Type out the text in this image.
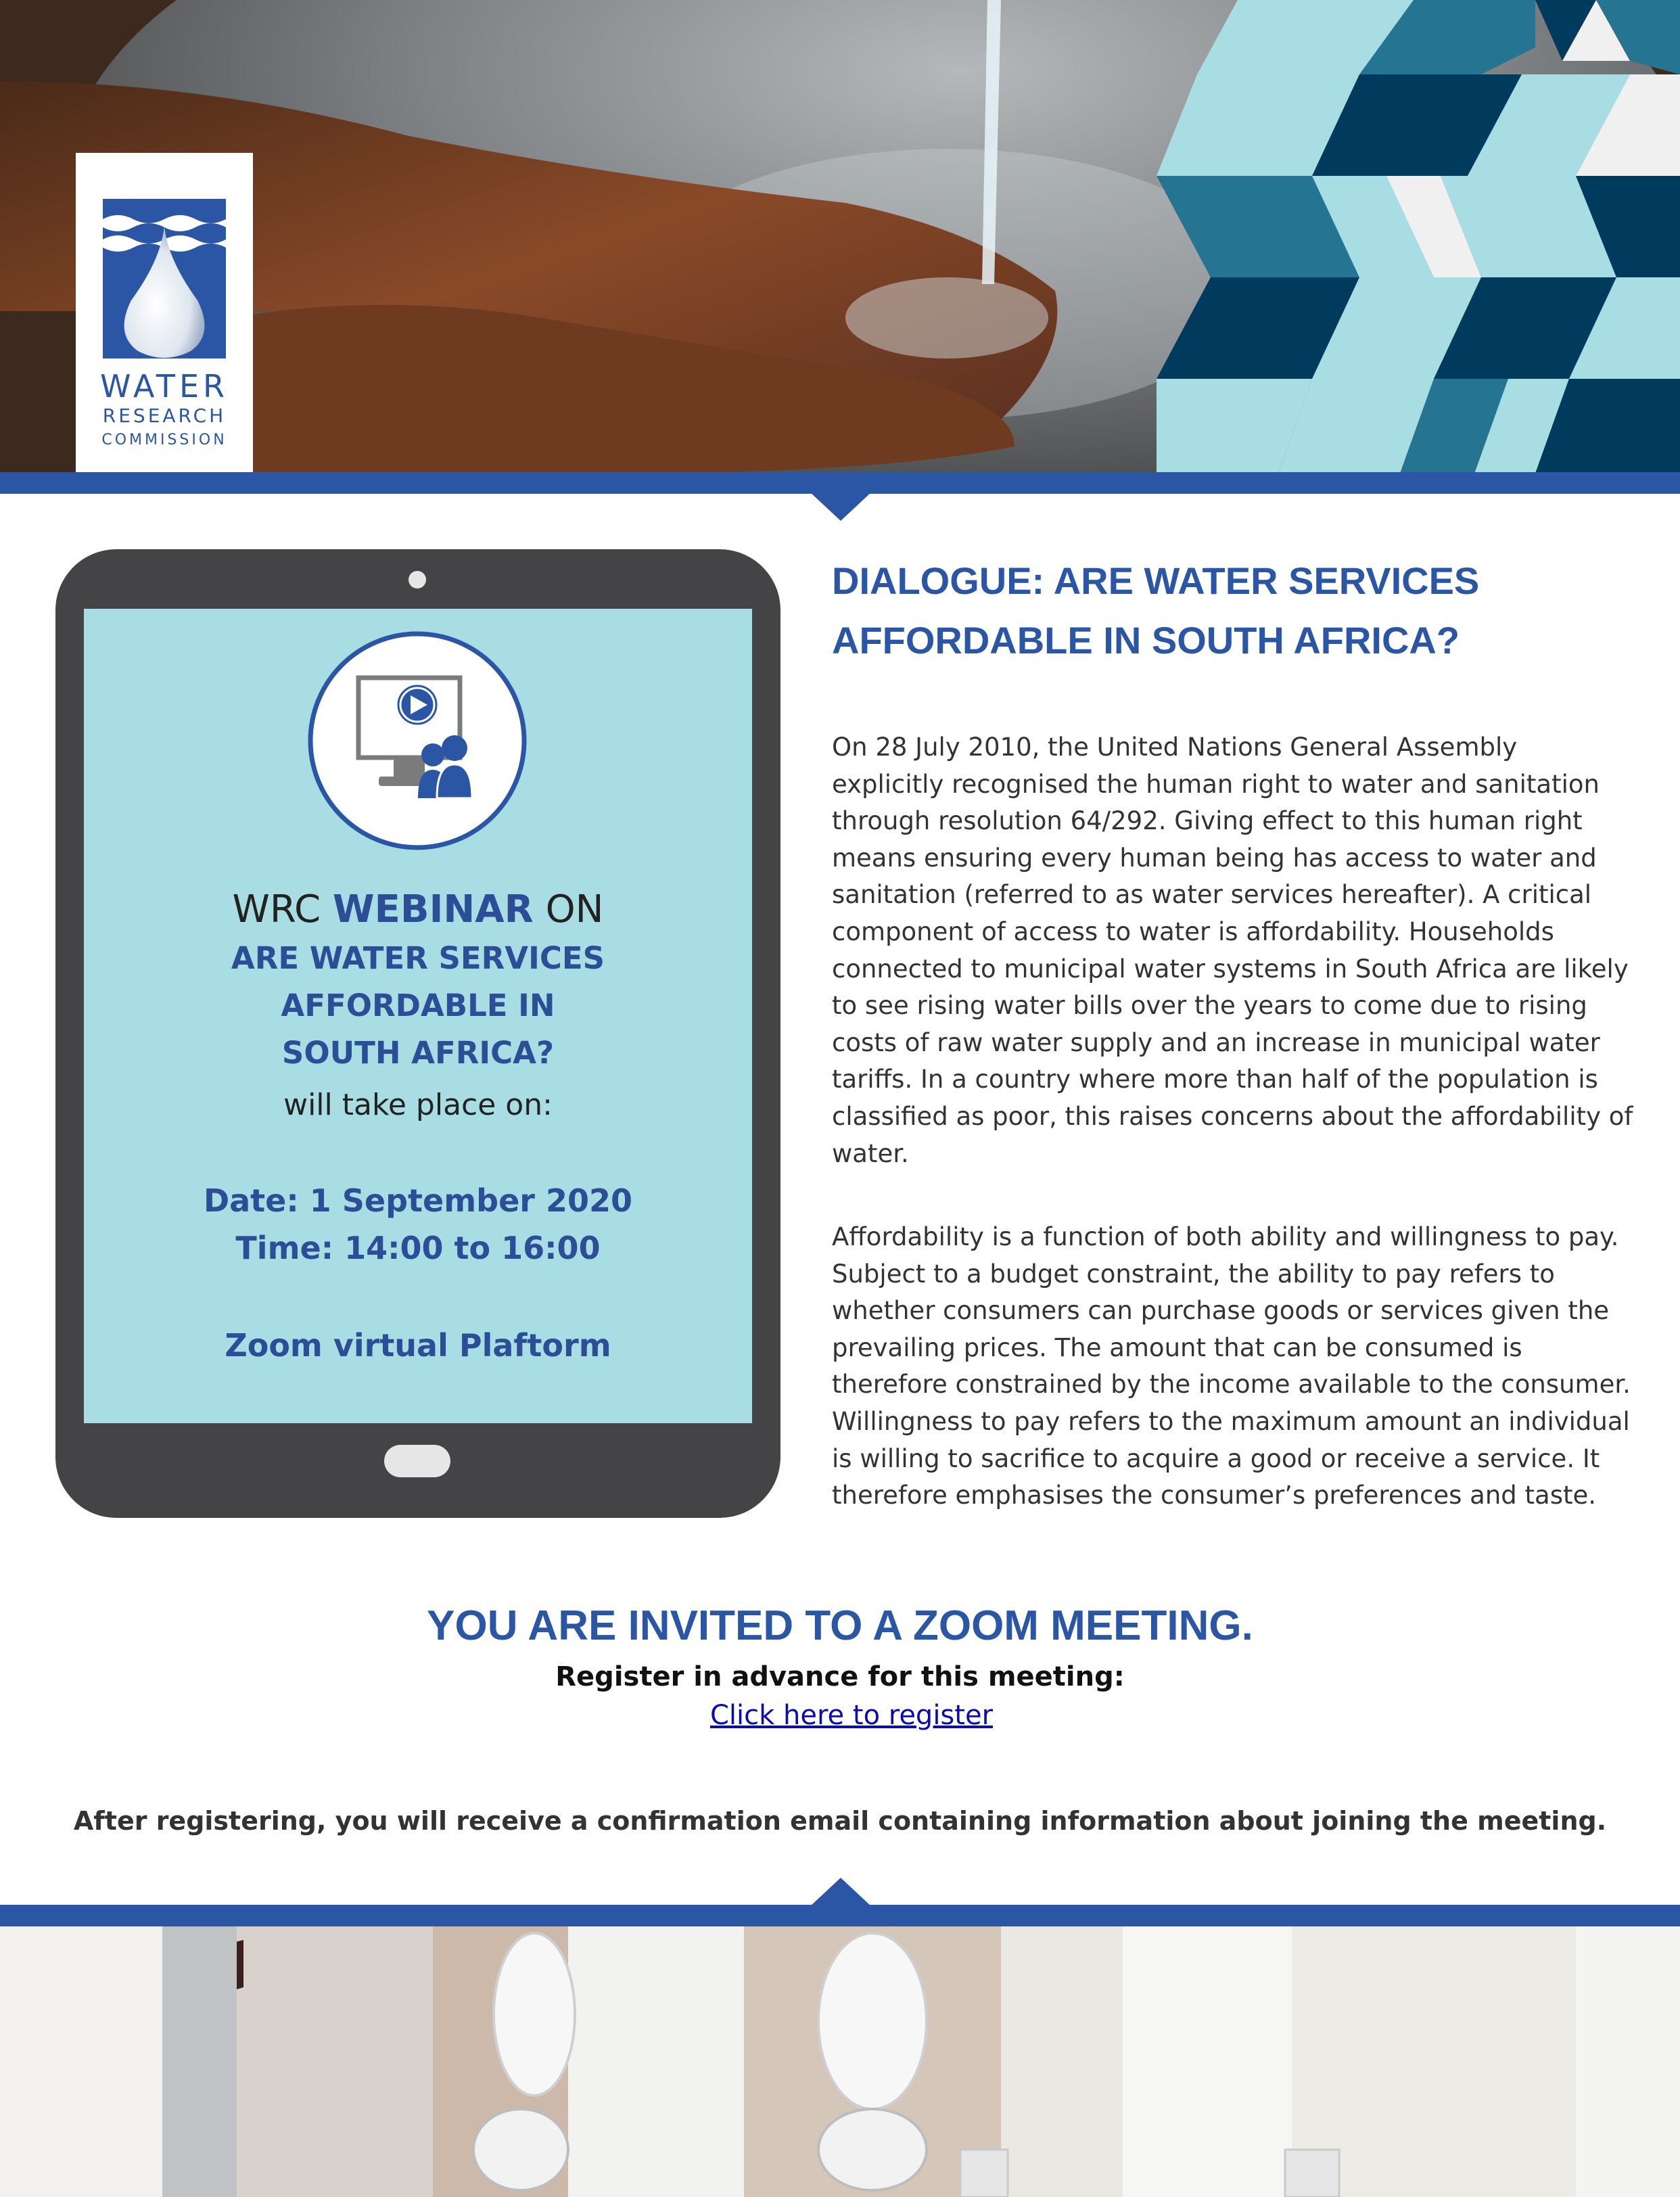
WATER
RESEARCH
COMMISSION
WRC WEBINAR ON
ARE WATER SERVICES
AFFORDABLE IN
SOUTH AFRICA?
will take place on:
Date: 1 September 2020
Time: 14:00 to 16:00
Zoom virtual Plaftorm
DIALOGUE: ARE WATER SERVICES
AFFORDABLE IN SOUTH AFRICA?
On 28 July 2010, the United Nations General Assembly
explicitly recognised the human right to water and sanitation
through resolution 64/292. Giving effect to this human right
means ensuring every human being has access to water and
sanitation (referred to as water services hereafter). A critical
component of access to water is affordability. Households
connected to municipal water systems in South Africa are likely
to see rising water bills over the years to come due to rising
costs of raw water supply and an increase in municipal water
tariffs. In a country where more than half of the population is
classified as poor, this raises concerns about the affordability of
water.
Affordability is a function of both ability and willingness to pay.
Subject to a budget constraint, the ability to pay refers to
whether consumers can purchase goods or services given the
prevailing prices. The amount that can be consumed is
therefore constrained by the income available to the consumer.
Willingness to pay refers to the maximum amount an individual
is willing to sacrifice to acquire a good or receive a service. It
therefore emphasises the consumer’s preferences and taste.
YOU ARE INVITED TO A ZOOM MEETING.
Register in advance for this meeting:
Click here to register
After registering, you will receive a confirmation email containing information about joining the meeting.
